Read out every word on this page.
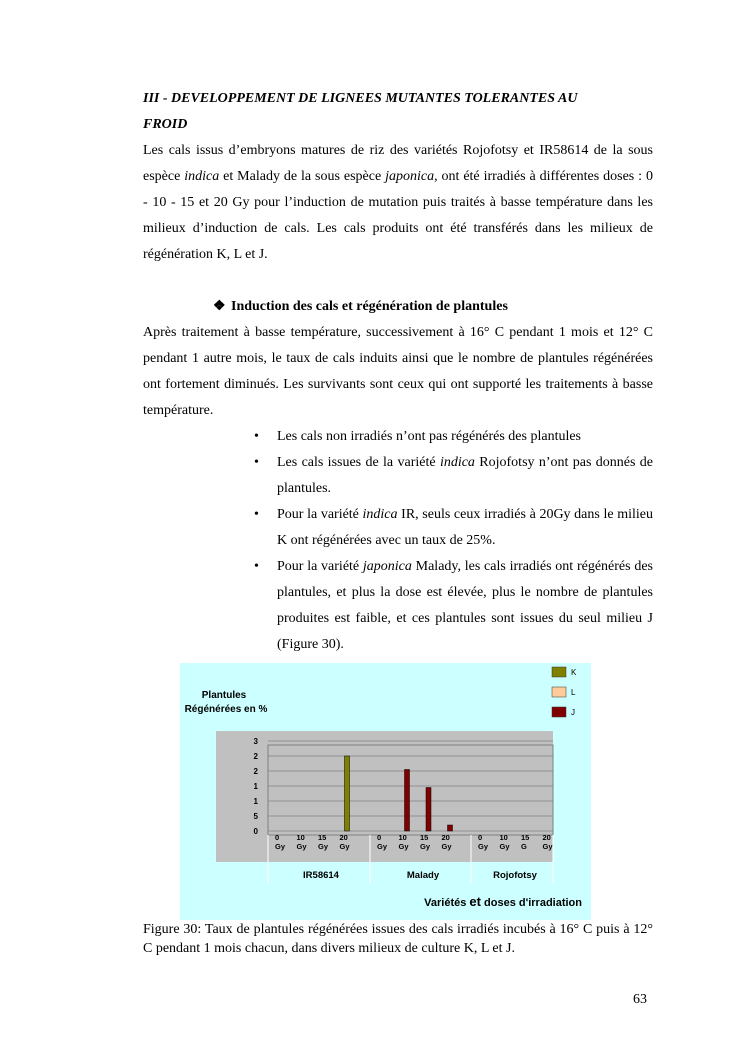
III - DEVELOPPEMENT DE LIGNEES MUTANTES TOLERANTES AU
FROID

Les cals issus d’embryons matures de riz des variétés Rojofotsy et IR58614 de la sous espèce indica et Malady de la sous espèce japonica, ont été irradiés à différentes doses : 0 - 10 - 15 et 20 Gy pour l’induction de mutation puis traités à basse température dans les milieux d’induction de cals. Les cals produits ont été transférés dans les milieux de régénération K, L et J.

❖ Induction des cals et régénération de plantules

Après traitement à basse température, successivement à 16° C pendant 1 mois et 12° C pendant 1 autre mois, le taux de cals induits ainsi que le nombre de plantules régénérées ont fortement diminués. Les survivants sont ceux qui ont supporté les traitements à basse température.

• Les cals non irradiés n’ont pas régénérés des plantules
• Les cals issues de la variété indica Rojofotsy n’ont pas donnés de plantules.
• Pour la variété indica IR, seuls ceux irradiés à 20Gy dans le milieu K ont régénérées avec un taux de 25%.
• Pour la variété japonica Malady, les cals irradiés ont régénérés des plantules, et plus la dose est élevée, plus le nombre de plantules produites est faible, et ces plantules sont issues du seul milieu J (Figure 30).
3
2
2
1
1
5
0
0
Gy
10
Gy
15
Gy
20
Gy
0
Gy
10
Gy
15
Gy
20
Gy
0
Gy
10
Gy
15
G
20
Gy
IR58614	Malady	Rojofotsy
K
L
J
Plantules
Régénérées en %
Variétés et doses d'irradiation
Figure 30: Taux de plantules régénérées issues des cals irradiés incubés à 16° C puis à 12° C pendant 1 mois chacun, dans divers milieux de culture K, L et J.
63
